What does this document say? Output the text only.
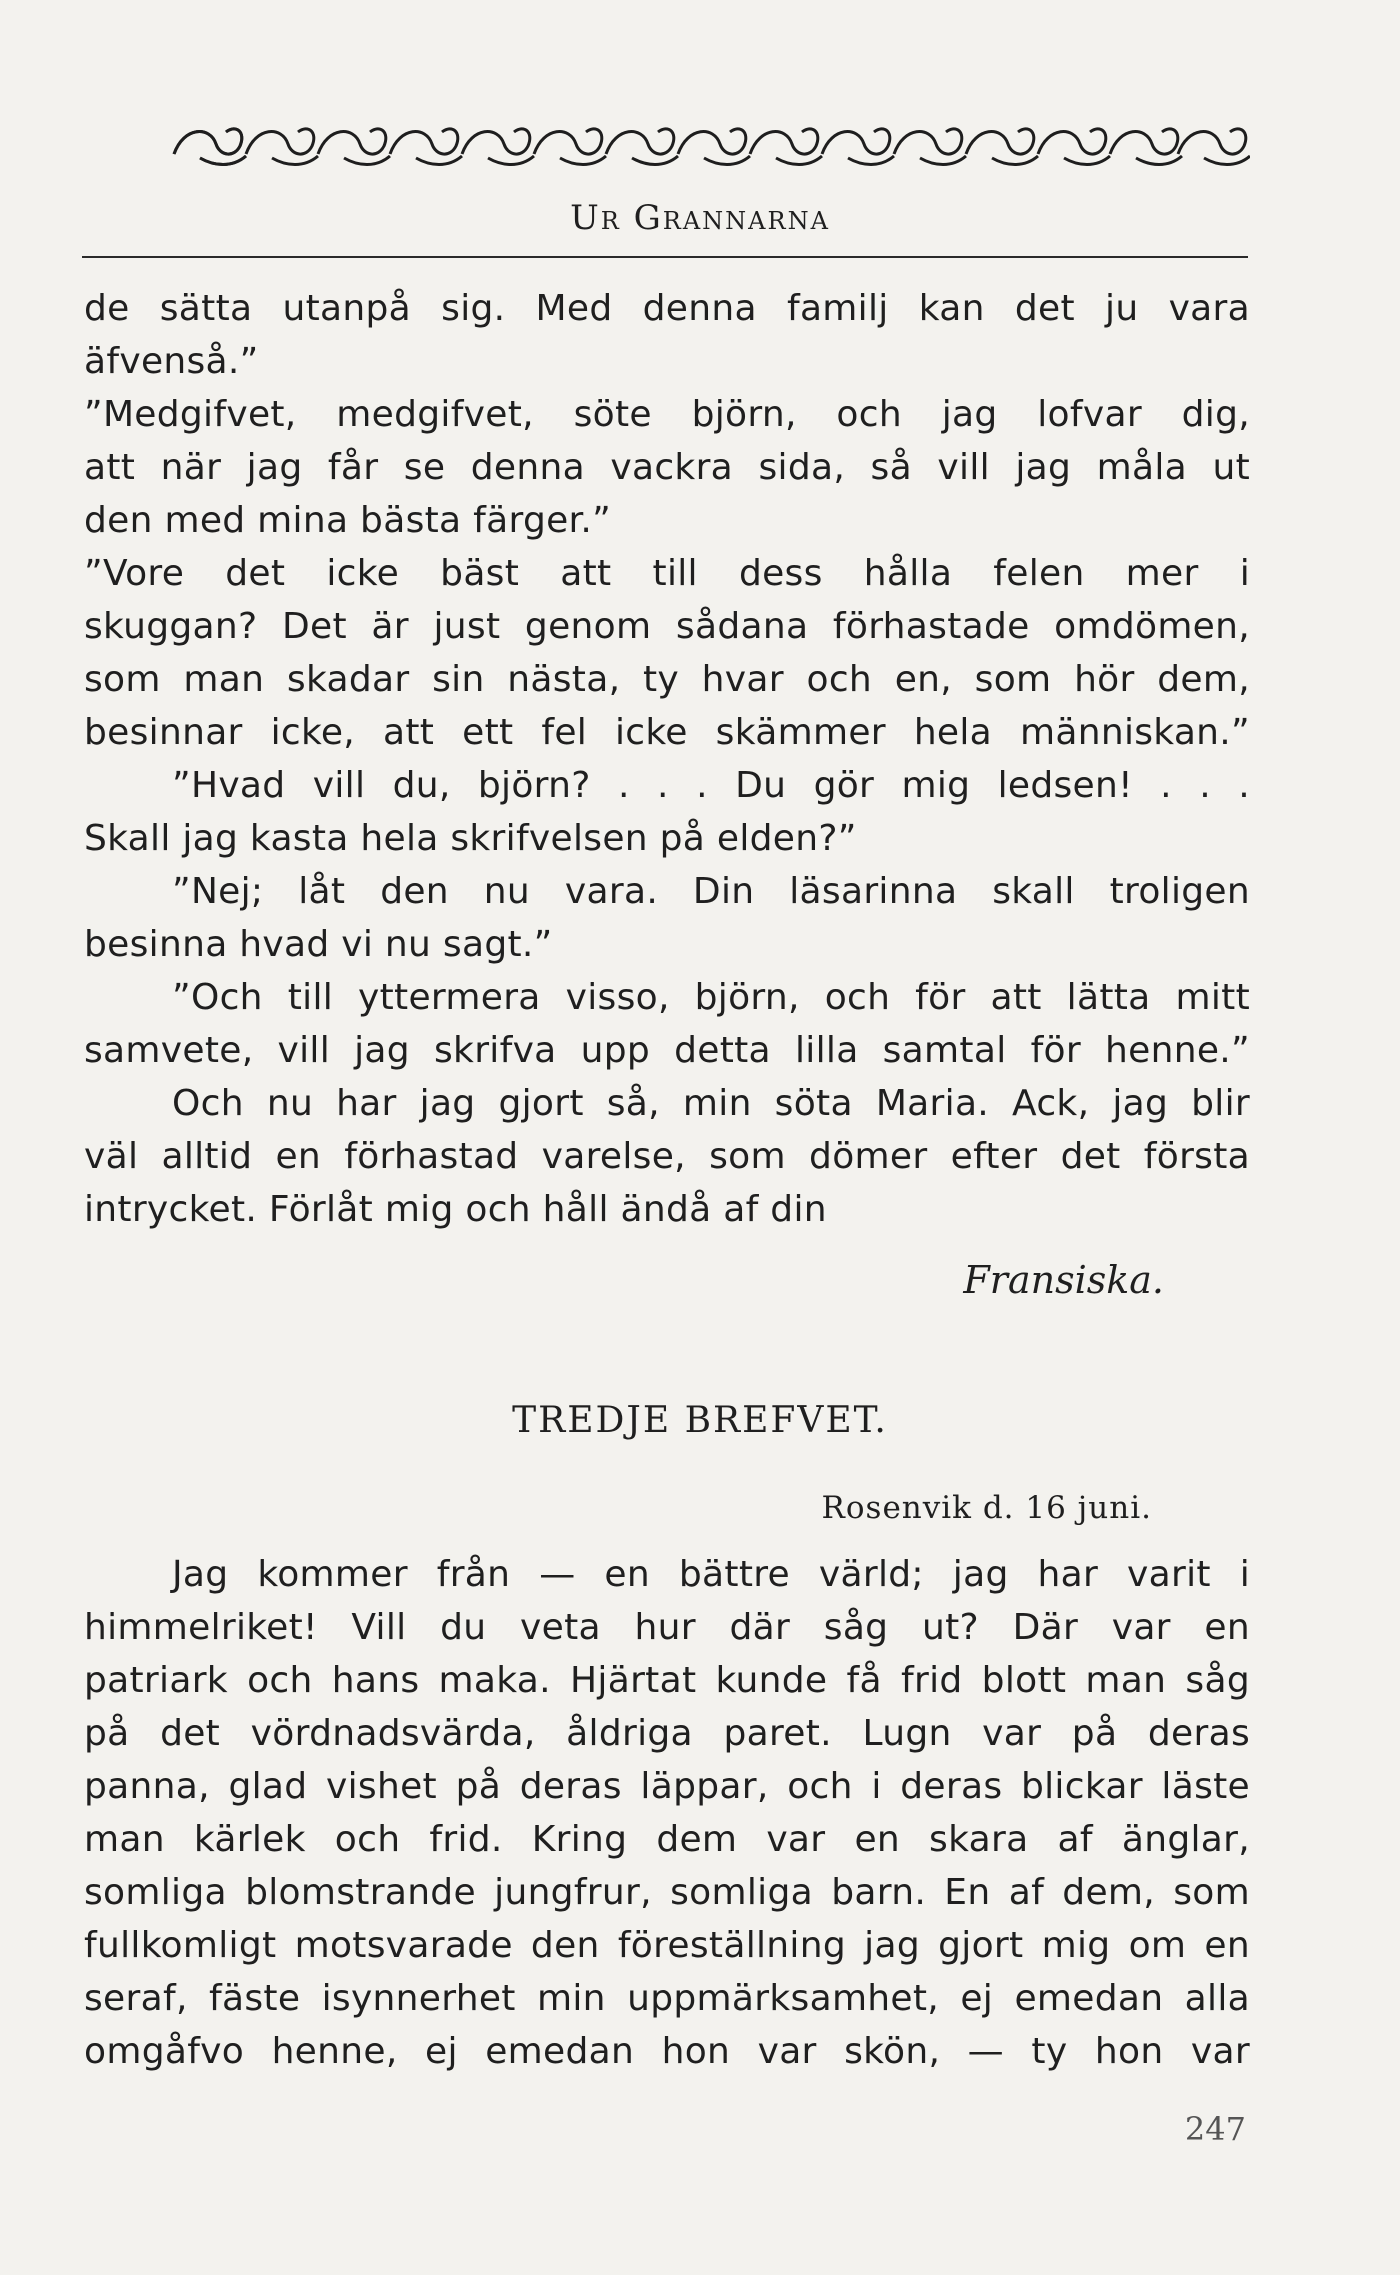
Ur Grannarna
de sätta utanpå sig. Med denna familj kan det ju vara
äfvenså.”
”Medgifvet, medgifvet, söte björn, och jag lofvar dig,
att när jag får se denna vackra sida, så vill jag måla ut
den med mina bästa färger.”
”Vore det icke bäst att till dess hålla felen mer i
skuggan? Det är just genom sådana förhastade omdömen,
som man skadar sin nästa, ty hvar och en, som hör dem,
besinnar icke, att ett fel icke skämmer hela människan.”
”Hvad vill du, björn? . . . Du gör mig ledsen! . . .
Skall jag kasta hela skrifvelsen på elden?”
”Nej; låt den nu vara. Din läsarinna skall troligen
besinna hvad vi nu sagt.”
”Och till yttermera visso, björn, och för att lätta mitt
samvete, vill jag skrifva upp detta lilla samtal för henne.”
Och nu har jag gjort så, min söta Maria. Ack, jag blir
väl alltid en förhastad varelse, som dömer efter det första
intrycket. Förlåt mig och håll ändå af din
Fransiska.
TREDJE BREFVET.
Rosenvik d. 16 juni.
Jag kommer från — en bättre värld; jag har varit i
himmelriket! Vill du veta hur där såg ut? Där var en
patriark och hans maka. Hjärtat kunde få frid blott man såg
på det vördnadsvärda, åldriga paret. Lugn var på deras
panna, glad vishet på deras läppar, och i deras blickar läste
man kärlek och frid. Kring dem var en skara af änglar,
somliga blomstrande jungfrur, somliga barn. En af dem, som
fullkomligt motsvarade den föreställning jag gjort mig om en
seraf, fäste isynnerhet min uppmärksamhet, ej emedan alla
omgåfvo henne, ej emedan hon var skön, — ty hon var
247
